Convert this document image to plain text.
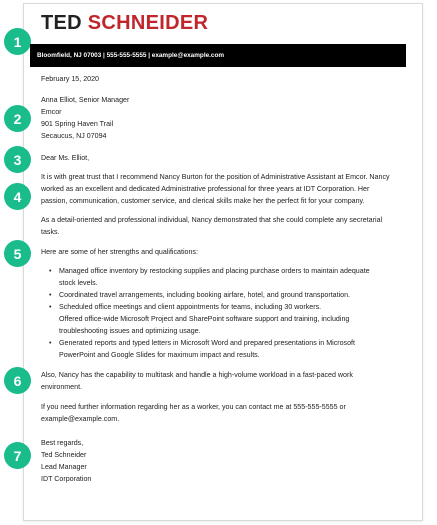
1
2
3
4
5
6
7
TED SCHNEIDER
Bloomfield, NJ 07003 | 555-555-5555 | example@example.com
February 15, 2020
Anna Elliot, Senior Manager
Emcor
901 Spring Haven Trail
Secaucus, NJ 07094
Dear Ms. Elliot,
It is with great trust that I recommend Nancy Burton for the position of Administrative Assistant at Emcor. Nancy
worked as an excellent and dedicated Administrative professional for three years at IDT Corporation. Her
passion, communication, customer service, and clerical skills make her the perfect fit for your company.
As a detail-oriented and professional individual, Nancy demonstrated that she could complete any secretarial
tasks.
Here are some of her strengths and qualifications:
• Managed office inventory by restocking supplies and placing purchase orders to maintain adequate
stock levels.
• Coordinated travel arrangements, including booking airfare, hotel, and ground transportation.
• Scheduled office meetings and client appointments for teams, including 30 workers.
Offered office-wide Microsoft Project and SharePoint software support and training, including
troubleshooting issues and optimizing usage.
• Generated reports and typed letters in Microsoft Word and prepared presentations in Microsoft
PowerPoint and Google Slides for maximum impact and results.
Also, Nancy has the capability to multitask and handle a high-volume workload in a fast-paced work
environment.
If you need further information regarding her as a worker, you can contact me at 555-555-5555 or
example@example.com.
Best regards,
Ted Schneider
Lead Manager
IDT Corporation
